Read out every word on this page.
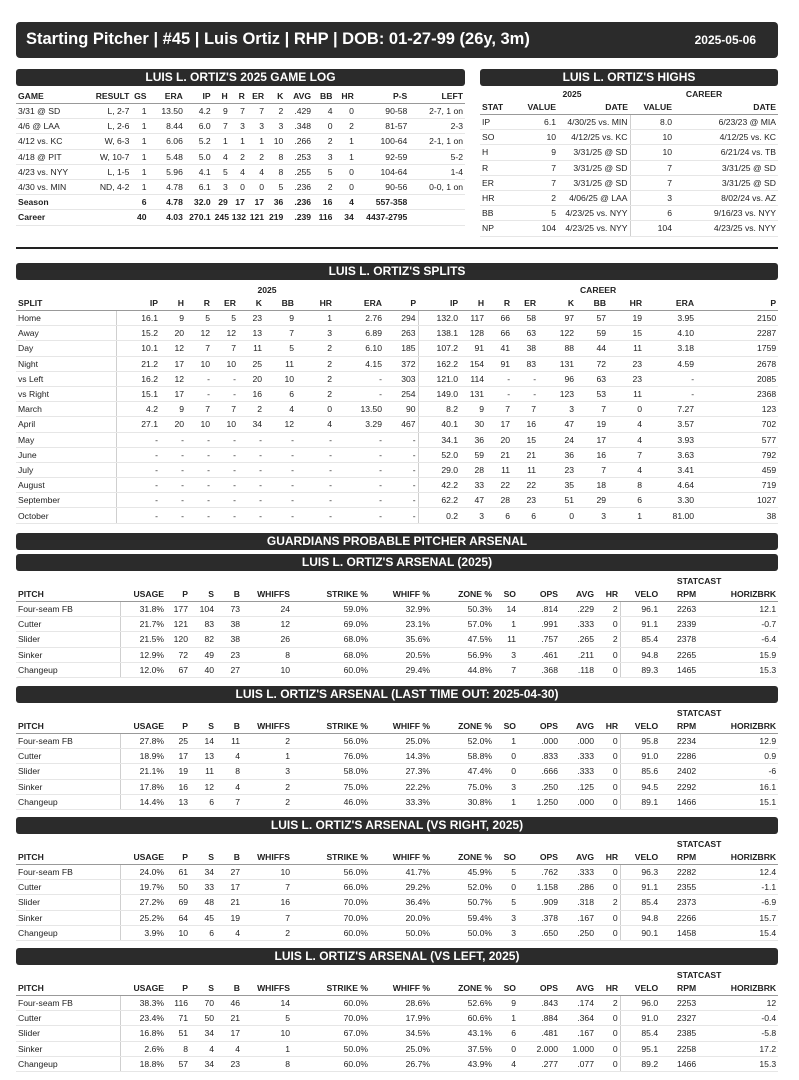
Starting Pitcher | #45 | Luis Ortiz | RHP | DOB: 01-27-99 (26y, 3m)	2025-05-06
LUIS L. ORTIZ'S 2025 GAME LOG
GAME	RESULT	GS	ERA	IP	H	R	ER	K	AVG	BB	HR	P-S	LEFT
3/31 @ SD	L, 2-7	1	13.50	4.2	9	7	7	2	.429	4	0	90-58	2-7, 1 on
4/6 @ LAA	L, 2-6	1	8.44	6.0	7	3	3	3	.348	0	2	81-57	2-3
4/12 vs. KC	W, 6-3	1	6.06	5.2	1	1	1	10	.266	2	1	100-64	2-1, 1 on
4/18 @ PIT	W, 10-7	1	5.48	5.0	4	2	2	8	.253	3	1	92-59	5-2
4/23 vs. NYY	L, 1-5	1	5.96	4.1	5	4	4	8	.255	5	0	104-64	1-4
4/30 vs. MIN	ND, 4-2	1	4.78	6.1	3	0	0	5	.236	2	0	90-56	0-0, 1 on
Season		6	4.78	32.0	29	17	17	36	.236	16	4	557-358	
Career		40	4.03	270.1	245	132	121	219	.239	116	34	4437-2795	
LUIS L. ORTIZ'S HIGHS
	2025		CAREER	
STAT	VALUE	DATE	VALUE	DATE
IP	6.1	4/30/25 vs. MIN	8.0	6/23/23 @ MIA
SO	10	4/12/25 vs. KC	10	4/12/25 vs. KC
H	9	3/31/25 @ SD	10	6/21/24 vs. TB
R	7	3/31/25 @ SD	7	3/31/25 @ SD
ER	7	3/31/25 @ SD	7	3/31/25 @ SD
HR	2	4/06/25 @ LAA	3	8/02/24 vs. AZ
BB	5	4/23/25 vs. NYY	6	9/16/23 vs. NYY
NP	104	4/23/25 vs. NYY	104	4/23/25 vs. NYY
LUIS L. ORTIZ'S SPLITS
	2025									CAREER								
SPLIT	IP	H	R	ER	K	BB	HR	ERA	P	IP	H	R	ER	K	BB	HR	ERA	P
Home	16.1	9	5	5	23	9	1	2.76	294	132.0	117	66	58	97	57	19	3.95	2150
Away	15.2	20	12	12	13	7	3	6.89	263	138.1	128	66	63	122	59	15	4.10	2287
Day	10.1	12	7	7	11	5	2	6.10	185	107.2	91	41	38	88	44	11	3.18	1759
Night	21.2	17	10	10	25	11	2	4.15	372	162.2	154	91	83	131	72	23	4.59	2678
vs Left	16.2	12	-	-	20	10	2	-	303	121.0	114	-	-	96	63	23	-	2085
vs Right	15.1	17	-	-	16	6	2	-	254	149.0	131	-	-	123	53	11	-	2368
March	4.2	9	7	7	2	4	0	13.50	90	8.2	9	7	7	3	7	0	7.27	123
April	27.1	20	10	10	34	12	4	3.29	467	40.1	30	17	16	47	19	4	3.57	702
May	-	-	-	-	-	-	-	-	-	34.1	36	20	15	24	17	4	3.93	577
June	-	-	-	-	-	-	-	-	-	52.0	59	21	21	36	16	7	3.63	792
July	-	-	-	-	-	-	-	-	-	29.0	28	11	11	23	7	4	3.41	459
August	-	-	-	-	-	-	-	-	-	42.2	33	22	22	35	18	8	4.64	719
September	-	-	-	-	-	-	-	-	-	62.2	47	28	23	51	29	6	3.30	1027
October	-	-	-	-	-	-	-	-	-	0.2	3	6	6	0	3	1	81.00	38
GUARDIANS PROBABLE PITCHER ARSENAL
LUIS L. ORTIZ'S ARSENAL (2025)
													STATCAST		
PITCH	USAGE	P	S	B	WHIFFS	STRIKE %	WHIFF %	ZONE %	SO	OPS	AVG	HR	VELO	RPM	HORIZBRK
Four-seam FB	31.8%	177	104	73	24	59.0%	32.9%	50.3%	14	.814	.229	2	96.1	2263	12.1
Cutter	21.7%	121	83	38	12	69.0%	23.1%	57.0%	1	.991	.333	0	91.1	2339	-0.7
Slider	21.5%	120	82	38	26	68.0%	35.6%	47.5%	11	.757	.265	2	85.4	2378	-6.4
Sinker	12.9%	72	49	23	8	68.0%	20.5%	56.9%	3	.461	.211	0	94.8	2265	15.9
Changeup	12.0%	67	40	27	10	60.0%	29.4%	44.8%	7	.368	.118	0	89.3	1465	15.3
LUIS L. ORTIZ'S ARSENAL (LAST TIME OUT: 2025-04-30)
													STATCAST		
PITCH	USAGE	P	S	B	WHIFFS	STRIKE %	WHIFF %	ZONE %	SO	OPS	AVG	HR	VELO	RPM	HORIZBRK
Four-seam FB	27.8%	25	14	11	2	56.0%	25.0%	52.0%	1	.000	.000	0	95.8	2234	12.9
Cutter	18.9%	17	13	4	1	76.0%	14.3%	58.8%	0	.833	.333	0	91.0	2286	0.9
Slider	21.1%	19	11	8	3	58.0%	27.3%	47.4%	0	.666	.333	0	85.6	2402	-6
Sinker	17.8%	16	12	4	2	75.0%	22.2%	75.0%	3	.250	.125	0	94.5	2292	16.1
Changeup	14.4%	13	6	7	2	46.0%	33.3%	30.8%	1	1.250	.000	0	89.1	1466	15.1
LUIS L. ORTIZ'S ARSENAL (VS RIGHT, 2025)
													STATCAST		
PITCH	USAGE	P	S	B	WHIFFS	STRIKE %	WHIFF %	ZONE %	SO	OPS	AVG	HR	VELO	RPM	HORIZBRK
Four-seam FB	24.0%	61	34	27	10	56.0%	41.7%	45.9%	5	.762	.333	0	96.3	2282	12.4
Cutter	19.7%	50	33	17	7	66.0%	29.2%	52.0%	0	1.158	.286	0	91.1	2355	-1.1
Slider	27.2%	69	48	21	16	70.0%	36.4%	50.7%	5	.909	.318	2	85.4	2373	-6.9
Sinker	25.2%	64	45	19	7	70.0%	20.0%	59.4%	3	.378	.167	0	94.8	2266	15.7
Changeup	3.9%	10	6	4	2	60.0%	50.0%	50.0%	3	.650	.250	0	90.1	1458	15.4
LUIS L. ORTIZ'S ARSENAL (VS LEFT, 2025)
													STATCAST		
PITCH	USAGE	P	S	B	WHIFFS	STRIKE %	WHIFF %	ZONE %	SO	OPS	AVG	HR	VELO	RPM	HORIZBRK
Four-seam FB	38.3%	116	70	46	14	60.0%	28.6%	52.6%	9	.843	.174	2	96.0	2253	12
Cutter	23.4%	71	50	21	5	70.0%	17.9%	60.6%	1	.884	.364	0	91.0	2327	-0.4
Slider	16.8%	51	34	17	10	67.0%	34.5%	43.1%	6	.481	.167	0	85.4	2385	-5.8
Sinker	2.6%	8	4	4	1	50.0%	25.0%	37.5%	0	2.000	1.000	0	95.1	2258	17.2
Changeup	18.8%	57	34	23	8	60.0%	26.7%	43.9%	4	.277	.077	0	89.2	1466	15.3
